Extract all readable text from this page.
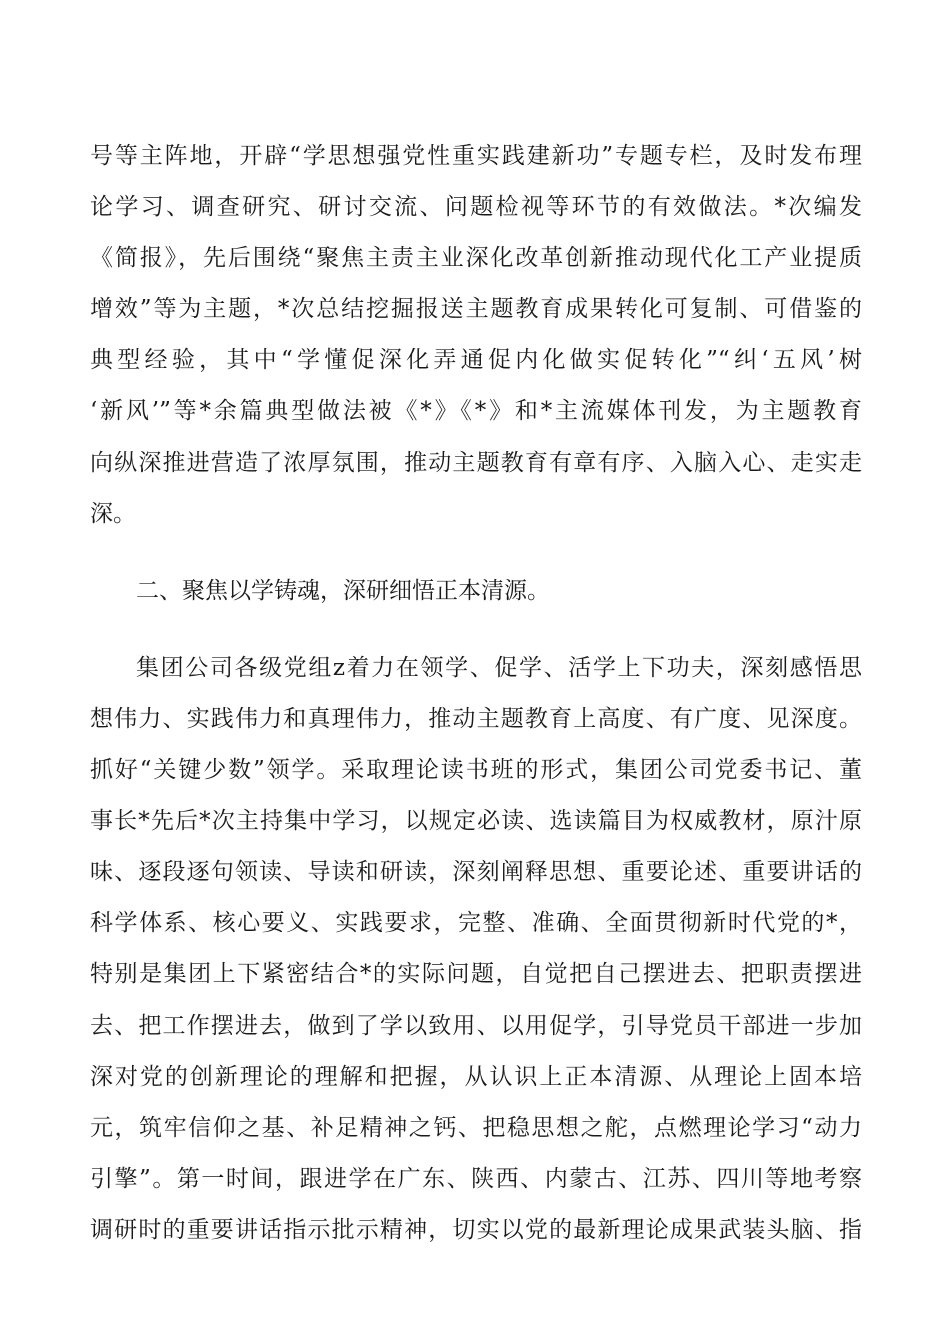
号等主阵地，开辟“学思想强党性重实践建新功”专题专栏，及时发布理
论学习、调查研究、研讨交流、问题检视等环节的有效做法。*次编发
《简报》，先后围绕“聚焦主责主业深化改革创新推动现代化工产业提质
增效”等为主题，*次总结挖掘报送主题教育成果转化可复制、可借鉴的
典型经验，其中“学懂促深化弄通促内化做实促转化”“纠‘五风’树
‘新风’”等*余篇典型做法被《*》《*》和*主流媒体刊发，为主题教育
向纵深推进营造了浓厚氛围，推动主题教育有章有序、入脑入心、走实走
深。
二、聚焦以学铸魂，深研细悟正本清源。
集团公司各级党组z着力在领学、促学、活学上下功夫，深刻感悟思
想伟力、实践伟力和真理伟力，推动主题教育上高度、有广度、见深度。
抓好“关键少数”领学。采取理论读书班的形式，集团公司党委书记、董
事长*先后*次主持集中学习，以规定必读、选读篇目为权威教材，原汁原
味、逐段逐句领读、导读和研读，深刻阐释思想、重要论述、重要讲话的
科学体系、核心要义、实践要求，完整、准确、全面贯彻新时代党的*，
特别是集团上下紧密结合*的实际问题，自觉把自己摆进去、把职责摆进
去、把工作摆进去，做到了学以致用、以用促学，引导党员干部进一步加
深对党的创新理论的理解和把握，从认识上正本清源、从理论上固本培
元，筑牢信仰之基、补足精神之钙、把稳思想之舵，点燃理论学习“动力
引擎”。第一时间，跟进学在广东、陕西、内蒙古、江苏、四川等地考察
调研时的重要讲话指示批示精神，切实以党的最新理论成果武装头脑、指
